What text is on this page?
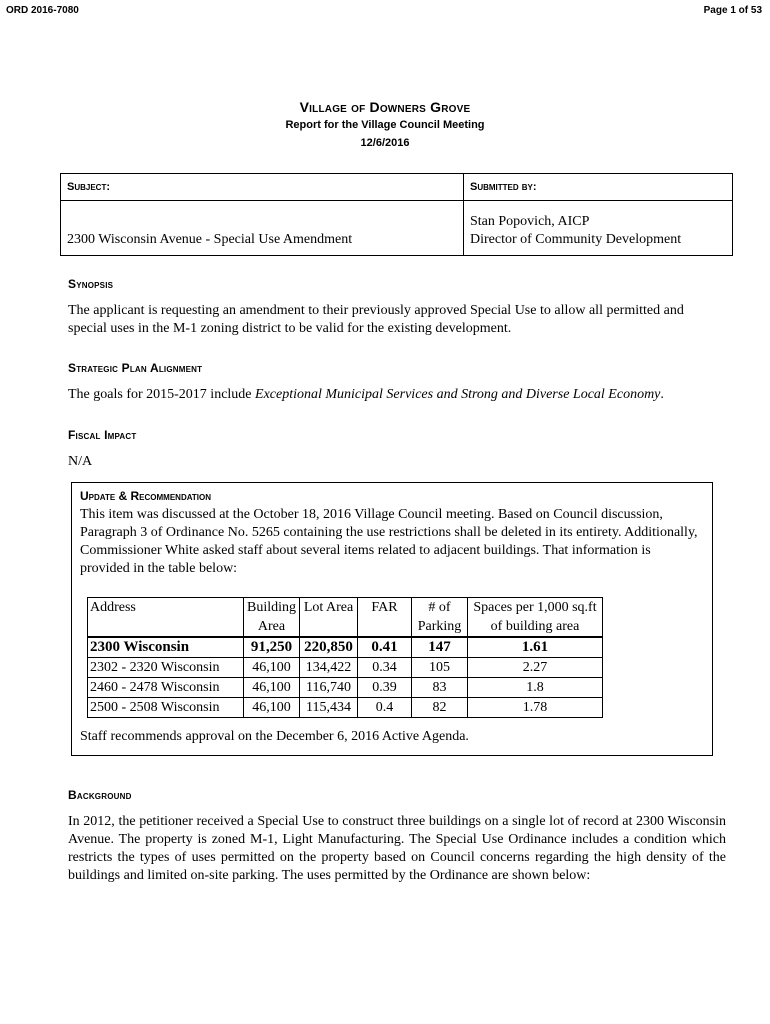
ORD 2016-7080	Page 1 of 53
Village of Downers Grove
Report for the Village Council Meeting
12/6/2016
Subject:	Submitted by:
2300 Wisconsin Avenue - Special Use Amendment	Stan Popovich, AICP
Director of Community Development
Synopsis
The applicant is requesting an amendment to their previously approved Special Use to allow all permitted and special uses in the M-1 zoning district to be valid for the existing development.
Strategic Plan Alignment
The goals for 2015-2017 include Exceptional Municipal Services and Strong and Diverse Local Economy.
Fiscal Impact
N/A
Update & Recommendation
This item was discussed at the October 18, 2016 Village Council meeting. Based on Council discussion, Paragraph 3 of Ordinance No. 5265 containing the use restrictions shall be deleted in its entirety. Additionally, Commissioner White asked staff about several items related to adjacent buildings. That information is provided in the table below:
Address	Building	Lot Area	FAR	# of	Spaces per 1,000 sq.ft
	Area			Parking	of building area
2300 Wisconsin	91,250	220,850	0.41	147	1.61
2302 - 2320 Wisconsin	46,100	134,422	0.34	105	2.27
2460 - 2478 Wisconsin	46,100	116,740	0.39	83	1.8
2500 - 2508 Wisconsin	46,100	115,434	0.4	82	1.78
Staff recommends approval on the December 6, 2016 Active Agenda.
Background
In 2012, the petitioner received a Special Use to construct three buildings on a single lot of record at 2300 Wisconsin Avenue. The property is zoned M-1, Light Manufacturing. The Special Use Ordinance includes a condition which restricts the types of uses permitted on the property based on Council concerns regarding the high density of the buildings and limited on-site parking. The uses permitted by the Ordinance are shown below:
